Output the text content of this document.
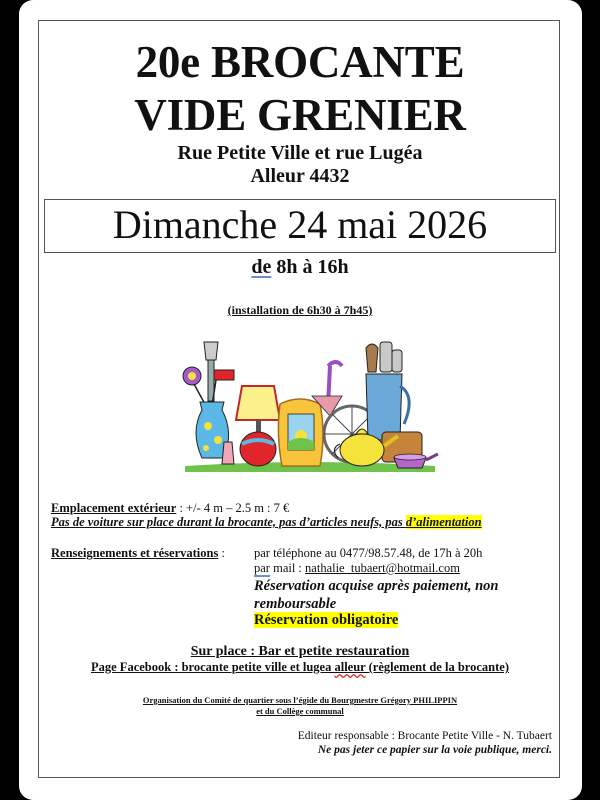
20e BROCANTE
VIDE GRENIER
Rue Petite Ville et rue Lugéa
Alleur 4432
Dimanche 24 mai 2026
de 8h à 16h
(installation de 6h30 à 7h45)
Emplacement extérieur : +/- 4 m – 2.5 m : 7 €
Pas de voiture sur place durant la brocante, pas d’articles neufs, pas d’alimentation
Renseignements et réservations : par téléphone au 0477/98.57.48, de 17h à 20h
par mail : nathalie_tubaert@hotmail.com
Réservation acquise après paiement, non
remboursable
Réservation obligatoire
Sur place : Bar et petite restauration
Page Facebook : brocante petite ville et lugea alleur (règlement de la brocante)
Organisation du Comité de quartier sous l’égide du Bourgmestre Grégory PHILIPPIN
et du Collège communal
Editeur responsable : Brocante Petite Ville - N. Tubaert
Ne pas jeter ce papier sur la voie publique, merci.
